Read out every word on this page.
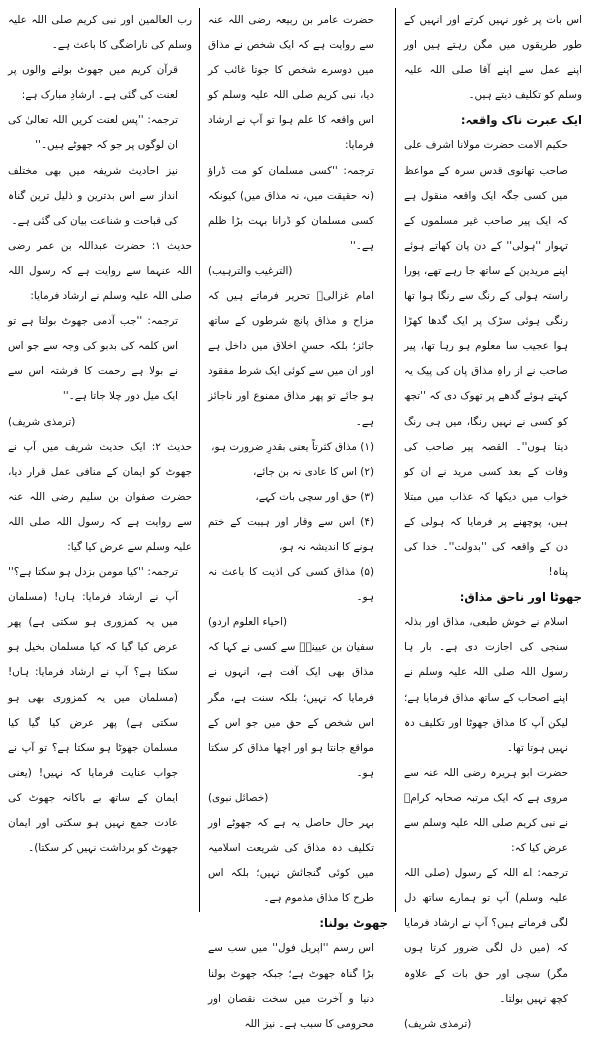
اس بات پر غور نہیں کرتے اور انہیں کے طور طریقوں میں مگن رہتے ہیں اور اپنے عمل سے اپنے آقا صلی اللہ علیہ وسلم کو تکلیف دیتے ہیں۔

ایک عبرت ناک واقعہ:

حکیم الامت حضرت مولانا اشرف علی صاحب تھانوی قدس سرہ کے مواعظ میں کسی جگہ ایک واقعہ منقول ہے کہ ایک پیر صاحب غیر مسلموں کے تہوار ''ہولی'' کے دن پان کھاتے ہوئے اپنے مریدین کے ساتھ جا رہے تھے، پورا راستہ ہولی کے رنگ سے رنگا ہوا تھا رنگی ہوئی سڑک پر ایک گدھا کھڑا ہوا عجیب سا معلوم ہو رہا تھا، پیر صاحب نے از راہِ مذاق پان کی پیک یہ کہتے ہوئے گدھے پر تھوک دی کہ ''تجھ کو کسی نے نہیں رنگا، میں ہی رنگ دیتا ہوں''۔ القصہ پیر صاحب کی وفات کے بعد کسی مرید نے ان کو خواب میں دیکھا کہ عذاب میں مبتلا ہیں، پوچھنے پر فرمایا کہ ہولی کے دن کے واقعہ کی ''بدولت''۔ خدا کی پناہ!

جھوٹا اور ناحق مذاق:

اسلام نے خوش طبعی، مذاق اور بذلہ سنجی کی اجازت دی ہے۔ بار ہا رسول اللہ صلی اللہ علیہ وسلم نے اپنے اصحاب کے ساتھ مذاق فرمایا ہے؛ لیکن آپ کا مذاق جھوٹا اور تکلیف دہ نہیں ہوتا تھا۔

حضرت ابو ہریرہ رضی اللہ عنہ سے مروی ہے کہ ایک مرتبہ صحابہ کرامؓ نے نبی کریم صلی اللہ علیہ وسلم سے عرض کیا کہ:

ترجمہ: اے اللہ کے رسول (صلی اللہ علیہ وسلم) آپ تو ہمارے ساتھ دل لگی فرماتے ہیں؟ آپ نے ارشاد فرمایا کہ (میں دل لگی ضرور کرتا ہوں مگر) سچی اور حق بات کے علاوہ کچھ نہیں بولتا۔

(ترمذی شریف)

حضرت عامر بن ربیعہ رضی اللہ عنہ سے روایت ہے کہ ایک شخص نے مذاق میں دوسرے شخص کا جوتا غائب کر دیا، نبی کریم صلی اللہ علیہ وسلم کو اس واقعہ کا علم ہوا تو آپ نے ارشاد فرمایا:

ترجمہ: ''کسی مسلمان کو مت ڈراؤ (نہ حقیقت میں، نہ مذاق میں) کیونکہ کسی مسلمان کو ڈرانا بہت بڑا ظلم ہے۔''

(الترغیب والترہیب)

امام غزالیؒ تحریر فرماتے ہیں کہ مزاح و مذاق پانچ شرطوں کے ساتھ جائز؛ بلکہ حسنِ اخلاق میں داخل ہے اور ان میں سے کوئی ایک شرط مفقود ہو جائے تو پھر مذاق ممنوع اور ناجائز ہے۔

(۱) مذاق کثرتاً یعنی بقدرِ ضرورت ہو،

(۲) اس کا عادی نہ بن جائے،

(۳) حق اور سچی بات کہے،

(۴) اس سے وقار اور ہیبت کے ختم ہونے کا اندیشہ نہ ہو،

(۵) مذاق کسی کی اذیت کا باعث نہ ہو۔

(احیاء العلوم اردو)

سفیان بن عیینہؒ سے کسی نے کہا کہ مذاق بھی ایک آفت ہے، انہوں نے فرمایا کہ نہیں؛ بلکہ سنت ہے، مگر اس شخص کے حق میں جو اس کے مواقع جانتا ہو اور اچھا مذاق کر سکتا ہو۔

(خصائل نبوی)

بہر حال حاصل یہ ہے کہ جھوٹے اور تکلیف دہ مذاق کی شریعت اسلامیہ میں کوئی گنجائش نہیں؛ بلکہ اس طرح کا مذاق مذموم ہے۔

جھوٹ بولنا:

اس رسم ''اپریل فول'' میں سب سے بڑا گناہ جھوٹ ہے؛ جبکہ جھوٹ بولنا دنیا و آخرت میں سخت نقصان اور محرومی کا سبب ہے۔ نیز اللہ

رب العالمین اور نبی کریم صلی اللہ علیہ وسلم کی ناراضگی کا باعث ہے۔

قرآن کریم میں جھوٹ بولنے والوں پر لعنت کی گئی ہے۔ ارشادِ مبارک ہے:

ترجمہ: ''پس لعنت کریں اللہ تعالیٰ کی ان لوگوں پر جو کہ جھوٹے ہیں۔''

نیز احادیث شریفہ میں بھی مختلف انداز سے اس بدترین و ذلیل ترین گناہ کی قباحت و شناعت بیان کی گئی ہے۔

حدیث ۱: حضرت عبداللہ بن عمر رضی اللہ عنہما سے روایت ہے کہ رسول اللہ صلی اللہ علیہ وسلم نے ارشاد فرمایا:

ترجمہ: ''جب آدمی جھوٹ بولتا ہے تو اس کلمہ کی بدبو کی وجہ سے جو اس نے بولا ہے رحمت کا فرشتہ اس سے ایک میل دور چلا جاتا ہے۔''

(ترمذی شریف)

حدیث ۲: ایک حدیث شریف میں آپ نے جھوٹ کو ایمان کے منافی عمل قرار دیا، حضرت صفوان بن سلیم رضی اللہ عنہ سے روایت ہے کہ رسول اللہ صلی اللہ علیہ وسلم سے عرض کیا گیا:

ترجمہ: ''کیا مومن بزدل ہو سکتا ہے؟'' آپ نے ارشاد فرمایا: ہاں! (مسلمان میں یہ کمزوری ہو سکتی ہے) پھر عرض کیا گیا کہ کیا مسلمان بخیل ہو سکتا ہے؟ آپ نے ارشاد فرمایا: ہاں! (مسلمان میں یہ کمزوری بھی ہو سکتی ہے) پھر عرض کیا گیا کیا مسلمان جھوٹا ہو سکتا ہے؟ تو آپ نے جواب عنایت فرمایا کہ نہیں! (یعنی ایمان کے ساتھ بے باکانہ جھوٹ کی عادت جمع نہیں ہو سکتی اور ایمان جھوٹ کو برداشت نہیں کر سکتا)۔
